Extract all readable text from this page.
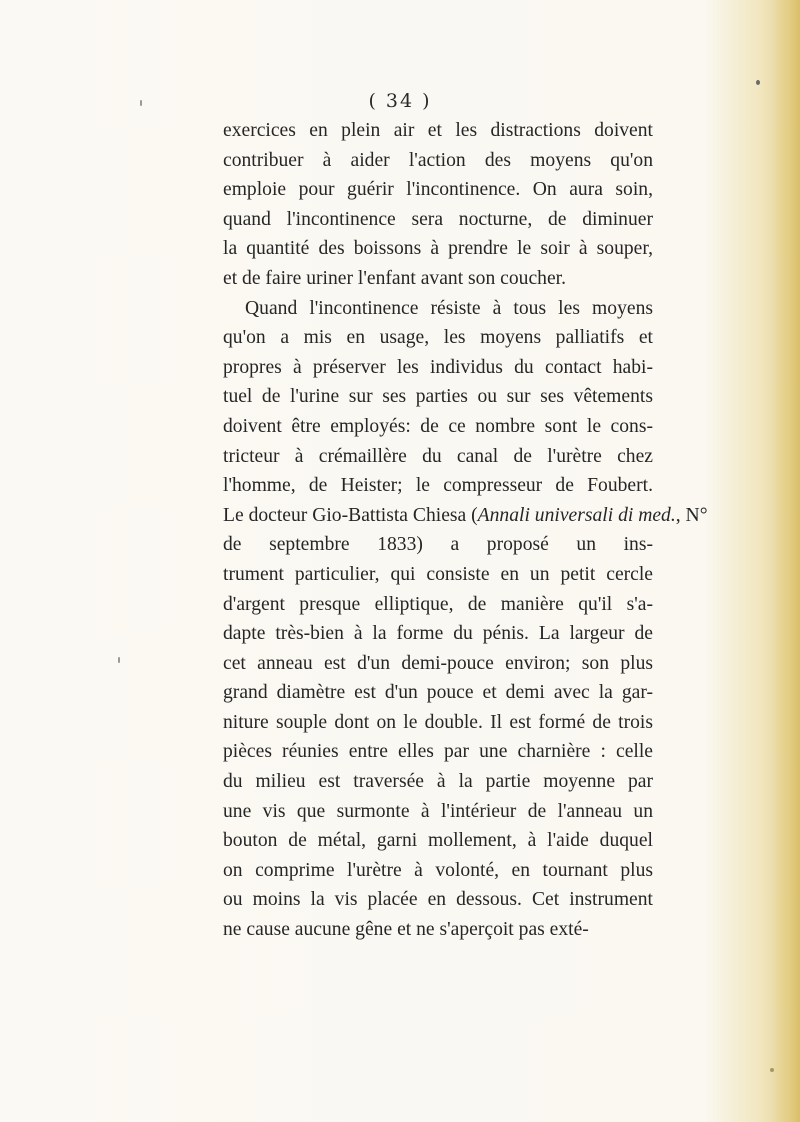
( 34 )
exercices en plein air et les distractions doivent
contribuer à aider l'action des moyens qu'on
emploie pour guérir l'incontinence. On aura soin,
quand l'incontinence sera nocturne, de diminuer
la quantité des boissons à prendre le soir à souper,
et de faire uriner l'enfant avant son coucher.
Quand l'incontinence résiste à tous les moyens
qu'on a mis en usage, les moyens palliatifs et
propres à préserver les individus du contact habi-
tuel de l'urine sur ses parties ou sur ses vêtements
doivent être employés: de ce nombre sont le cons-
tricteur à crémaillère du canal de l'urètre chez
l'homme, de Heister; le compresseur de Foubert.
Le docteur Gio-Battista Chiesa (Annali universali di med., N°
de septembre 1833) a proposé un ins-
trument particulier, qui consiste en un petit cercle
d'argent presque elliptique, de manière qu'il s'a-
dapte très-bien à la forme du pénis. La largeur de
cet anneau est d'un demi-pouce environ; son plus
grand diamètre est d'un pouce et demi avec la gar-
niture souple dont on le double. Il est formé de trois
pièces réunies entre elles par une charnière : celle
du milieu est traversée à la partie moyenne par
une vis que surmonte à l'intérieur de l'anneau un
bouton de métal, garni mollement, à l'aide duquel
on comprime l'urètre à volonté, en tournant plus
ou moins la vis placée en dessous. Cet instrument
ne cause aucune gêne et ne s'aperçoit pas exté-
